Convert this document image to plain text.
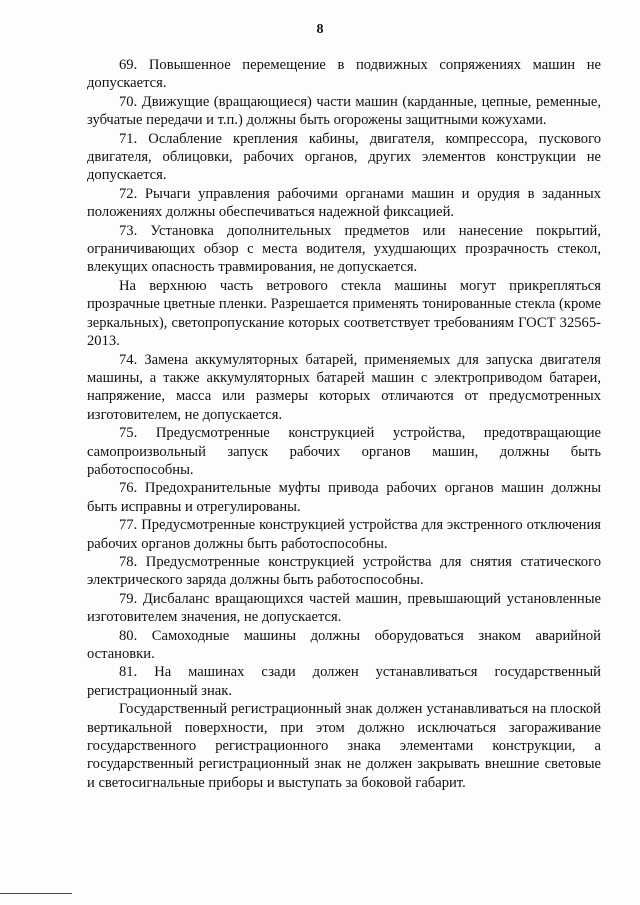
8

69. Повышенное перемещение в подвижных сопряжениях машин не допускается.

70. Движущие (вращающиеся) части машин (карданные, цепные, ременные, зубчатые передачи и т.п.) должны быть огорожены защитными кожухами.

71. Ослабление крепления кабины, двигателя, компрессора, пускового двигателя, облицовки, рабочих органов, других элементов конструкции не допускается.

72. Рычаги управления рабочими органами машин и орудия в заданных положениях должны обеспечиваться надежной фиксацией.

73. Установка дополнительных предметов или нанесение покрытий, ограничивающих обзор с места водителя, ухудшающих прозрачность стекол, влекущих опасность травмирования, не допускается.

На верхнюю часть ветрового стекла машины могут прикрепляться прозрачные цветные пленки. Разрешается применять тонированные стекла (кроме зеркальных), светопропускание которых соответствует требованиям ГОСТ 32565-2013.

74. Замена аккумуляторных батарей, применяемых для запуска двигателя машины, а также аккумуляторных батарей машин с электроприводом батареи, напряжение, масса или размеры которых отличаются от предусмотренных изготовителем, не допускается.

75. Предусмотренные конструкцией устройства, предотвращающие самопроизвольный запуск рабочих органов машин, должны быть работоспособны.

76. Предохранительные муфты привода рабочих органов машин должны быть исправны и отрегулированы.

77. Предусмотренные конструкцией устройства для экстренного отключения рабочих органов должны быть работоспособны.

78. Предусмотренные конструкцией устройства для снятия статического электрического заряда должны быть работоспособны.

79. Дисбаланс вращающихся частей машин, превышающий установленные изготовителем значения, не допускается.

80. Самоходные машины должны оборудоваться знаком аварийной остановки.

81. На машинах сзади должен устанавливаться государственный регистрационный знак.

Государственный регистрационный знак должен устанавливаться на плоской вертикальной поверхности, при этом должно исключаться загораживание государственного регистрационного знака элементами конструкции, а государственный регистрационный знак не должен закрывать внешние световые и светосигнальные приборы и выступать за боковой габарит.
